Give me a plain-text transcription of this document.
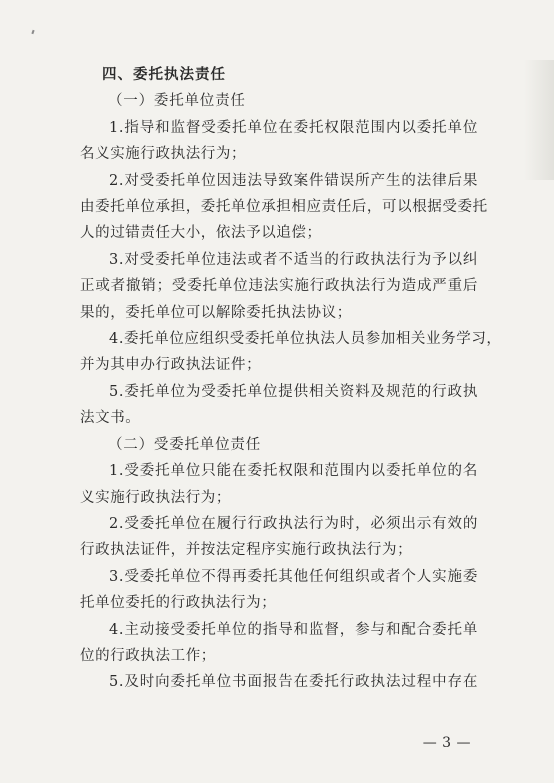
四、委托执法责任

（一）委托单位责任

1.指导和监督受委托单位在委托权限范围内以委托单位

名义实施行政执法行为；

2.对受委托单位因违法导致案件错误所产生的法律后果

由委托单位承担，委托单位承担相应责任后，可以根据受委托

人的过错责任大小，依法予以追偿；

3.对受委托单位违法或者不适当的行政执法行为予以纠

正或者撤销；受委托单位违法实施行政执法行为造成严重后

果的，委托单位可以解除委托执法协议；

4.委托单位应组织受委托单位执法人员参加相关业务学习，

并为其申办行政执法证件；

5.委托单位为受委托单位提供相关资料及规范的行政执

法文书。

（二）受委托单位责任

1.受委托单位只能在委托权限和范围内以委托单位的名

义实施行政执法行为；

2.受委托单位在履行行政执法行为时，必须出示有效的

行政执法证件，并按法定程序实施行政执法行为；

3.受委托单位不得再委托其他任何组织或者个人实施委

托单位委托的行政执法行为；

4.主动接受委托单位的指导和监督，参与和配合委托单

位的行政执法工作；

5.及时向委托单位书面报告在委托行政执法过程中存在

— 3 —
